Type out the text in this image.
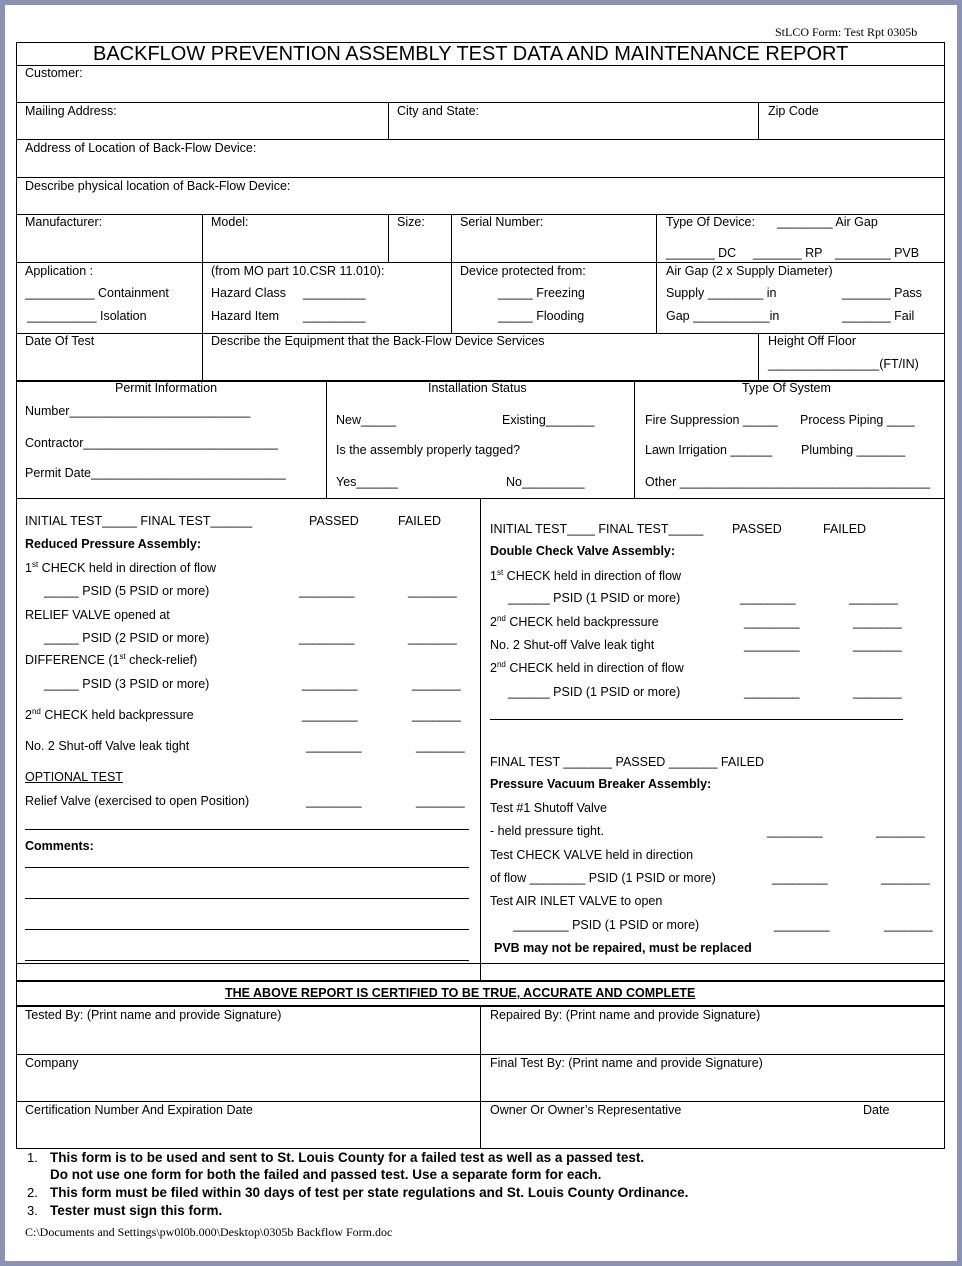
StLCO Form: Test Rpt 0305b
BACKFLOW PREVENTION ASSEMBLY TEST DATA AND MAINTENANCE REPORT
Customer:
Mailing Address:	City and State:	Zip Code
Address of Location of Back-Flow Device:
Describe physical location of Back-Flow Device:
Manufacturer:	Model:	Size:	Serial Number:	Type Of Device: ________ Air Gap
_______ DC _______ RP ________ PVB
Application :
__________ Containment
__________ Isolation
(from MO part 10.CSR 11.010):
Hazard Class _________
Hazard Item _________
Device protected from:
_____ Freezing
_____ Flooding
Air Gap (2 x Supply Diameter)
Supply ________ in	_______ Pass
Gap ___________in	_______ Fail
Date Of Test	Describe the Equipment that the Back-Flow Device Services	Height Off Floor
________________(FT/IN)
Permit Information
Number__________________________
Contractor____________________________
Permit Date____________________________
Installation Status
New_____	Existing_______
Is the assembly properly tagged?
Yes______	No_________
Type Of System
Fire Suppression _____ Process Piping ____
Lawn Irrigation ______ Plumbing _______
Other ____________________________________
INITIAL TEST_____ FINAL TEST______	PASSED	FAILED
Reduced Pressure Assembly:
1st CHECK held in direction of flow
_____ PSID (5 PSID or more)	________	_______
RELIEF VALVE opened at
_____ PSID (2 PSID or more)	________	_______
DIFFERENCE (1st check-relief)
_____ PSID (3 PSID or more)	________	_______
2nd CHECK held backpressure	________	_______
No. 2 Shut-off Valve leak tight	________	_______
OPTIONAL TEST
Relief Valve (exercised to open Position)	________	_______
Comments:
INITIAL TEST____ FINAL TEST_____ PASSED	FAILED
Double Check Valve Assembly:
1st CHECK held in direction of flow
______ PSID (1 PSID or more)	________	_______
2nd CHECK held backpressure	________	_______
No. 2 Shut-off Valve leak tight	________	_______
2nd CHECK held in direction of flow
______ PSID (1 PSID or more)	________	_______
FINAL TEST _______ PASSED _______ FAILED
Pressure Vacuum Breaker Assembly:
Test #1 Shutoff Valve
- held pressure tight.	________	_______
Test CHECK VALVE held in direction
of flow ________ PSID (1 PSID or more)	________	_______
Test AIR INLET VALVE to open
________ PSID (1 PSID or more)	________	_______
PVB may not be repaired, must be replaced
THE ABOVE REPORT IS CERTIFIED TO BE TRUE, ACCURATE AND COMPLETE
Tested By: (Print name and provide Signature)	Repaired By: (Print name and provide Signature)
Company	Final Test By: (Print name and provide Signature)
Certification Number And Expiration Date	Owner Or Owner’s Representative	Date
1. This form is to be used and sent to St. Louis County for a failed test as well as a passed test.
Do not use one form for both the failed and passed test. Use a separate form for each.
2. This form must be filed within 30 days of test per state regulations and St. Louis County Ordinance.
3. Tester must sign this form.
C:\Documents and Settings\pw0l0b.000\Desktop\0305b Backflow Form.doc
